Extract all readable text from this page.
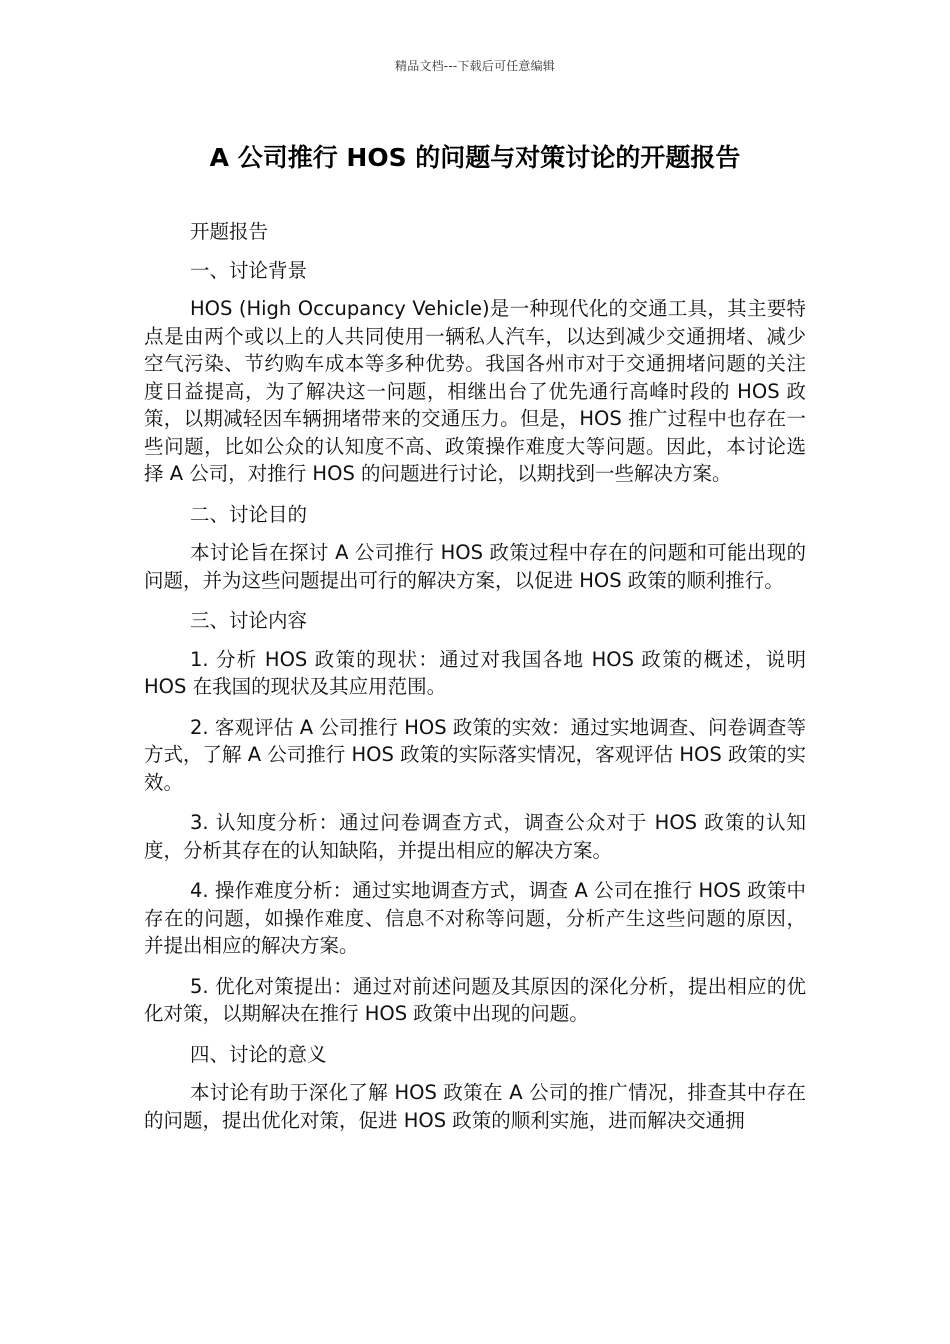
精品文档---下载后可任意编辑
A 公司推行 HOS 的问题与对策讨论的开题报告

开题报告

一、讨论背景

HOS (High Occupancy Vehicle)是一种现代化的交通工具，其主要特点是由两个或以上的人共同使用一辆私人汽车，以达到减少交通拥堵、减少空气污染、节约购车成本等多种优势。我国各州市对于交通拥堵问题的关注度日益提高，为了解决这一问题，相继出台了优先通行高峰时段的 HOS 政策，以期减轻因车辆拥堵带来的交通压力。但是，HOS 推广过程中也存在一些问题，比如公众的认知度不高、政策操作难度大等问题。因此，本讨论选择 A 公司，对推行 HOS 的问题进行讨论，以期找到一些解决方案。

二、讨论目的

本讨论旨在探讨 A 公司推行 HOS 政策过程中存在的问题和可能出现的问题，并为这些问题提出可行的解决方案，以促进 HOS 政策的顺利推行。

三、讨论内容

1. 分析 HOS 政策的现状：通过对我国各地 HOS 政策的概述，说明 HOS 在我国的现状及其应用范围。

2. 客观评估 A 公司推行 HOS 政策的实效：通过实地调查、问卷调查等方式，了解 A 公司推行 HOS 政策的实际落实情况，客观评估 HOS 政策的实效。

3. 认知度分析：通过问卷调查方式，调查公众对于 HOS 政策的认知度，分析其存在的认知缺陷，并提出相应的解决方案。

4. 操作难度分析：通过实地调查方式，调查 A 公司在推行 HOS 政策中存在的问题，如操作难度、信息不对称等问题，分析产生这些问题的原因，并提出相应的解决方案。

5. 优化对策提出：通过对前述问题及其原因的深化分析，提出相应的优化对策，以期解决在推行 HOS 政策中出现的问题。

四、讨论的意义

本讨论有助于深化了解 HOS 政策在 A 公司的推广情况，排查其中存在的问题，提出优化对策，促进 HOS 政策的顺利实施，进而解决交通拥
